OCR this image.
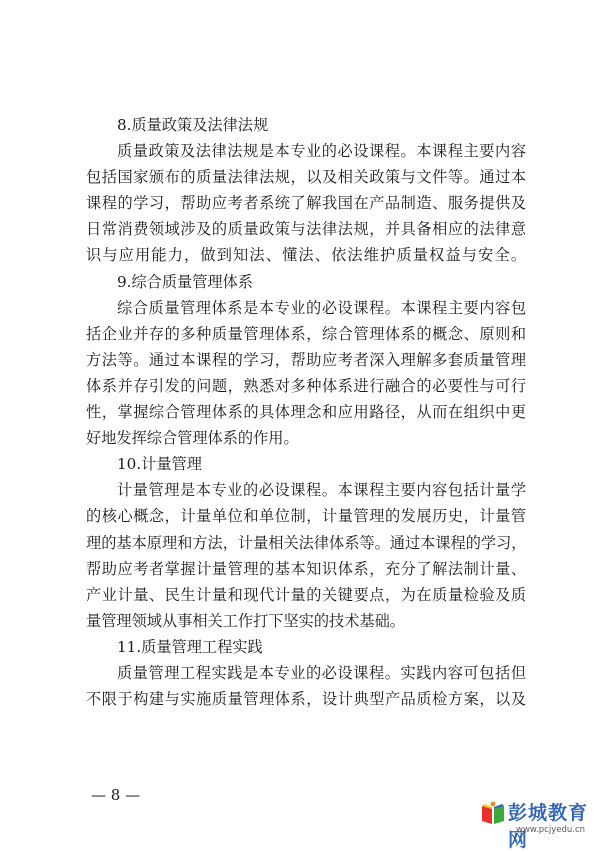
8.质量政策及法律法规
质量政策及法律法规是本专业的必设课程。本课程主要内容
包括国家颁布的质量法律法规，以及相关政策与文件等。通过本
课程的学习，帮助应考者系统了解我国在产品制造、服务提供及
日常消费领域涉及的质量政策与法律法规，并具备相应的法律意
识与应用能力，做到知法、懂法、依法维护质量权益与安全。
9.综合质量管理体系
综合质量管理体系是本专业的必设课程。本课程主要内容包
括企业并存的多种质量管理体系，综合管理体系的概念、原则和
方法等。通过本课程的学习，帮助应考者深入理解多套质量管理
体系并存引发的问题，熟悉对多种体系进行融合的必要性与可行
性，掌握综合管理体系的具体理念和应用路径，从而在组织中更
好地发挥综合管理体系的作用。
10.计量管理
计量管理是本专业的必设课程。本课程主要内容包括计量学
的核心概念，计量单位和单位制，计量管理的发展历史，计量管
理的基本原理和方法，计量相关法律体系等。通过本课程的学习，
帮助应考者掌握计量管理的基本知识体系，充分了解法制计量、
产业计量、民生计量和现代计量的关键要点，为在质量检验及质
量管理领域从事相关工作打下坚实的技术基础。
11.质量管理工程实践
质量管理工程实践是本专业的必设课程。实践内容可包括但
不限于构建与实施质量管理体系，设计典型产品质检方案，以及
— 8 —
彭城教育网
www.pcjyedu.cn
